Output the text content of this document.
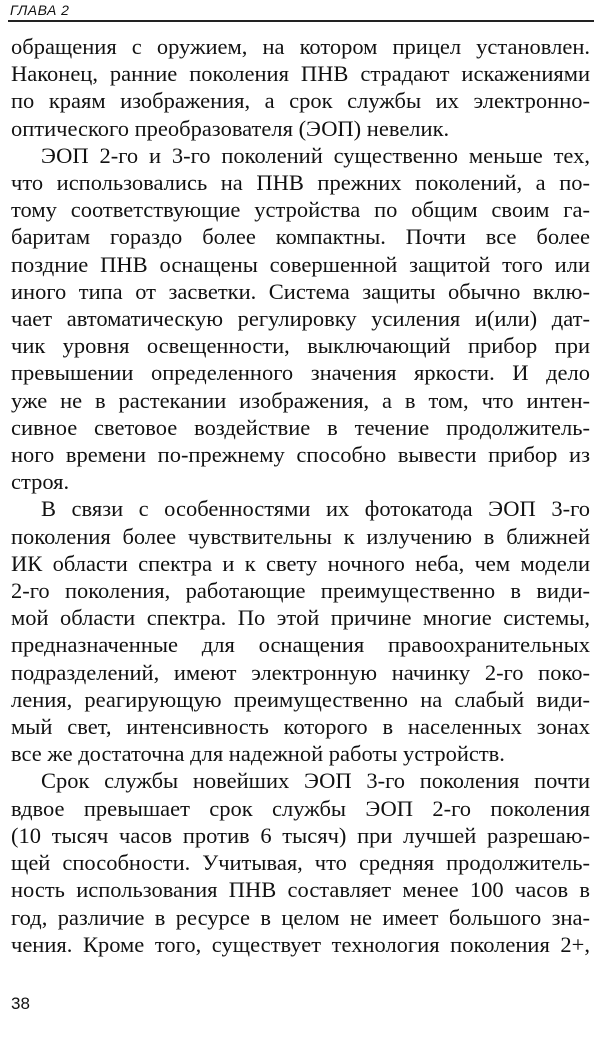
ГЛАВА 2
обращения с оружием, на котором прицел установлен.
Наконец, ранние поколения ПНВ страдают искажениями
по краям изображения, а срок службы их электронно-
оптического преобразователя (ЭОП) невелик.
ЭОП 2-го и 3-го поколений существенно меньше тех,
что использовались на ПНВ прежних поколений, а по-
тому соответствующие устройства по общим своим га-
баритам гораздо более компактны. Почти все более
поздние ПНВ оснащены совершенной защитой того или
иного типа от засветки. Система защиты обычно вклю-
чает автоматическую регулировку усиления и(или) дат-
чик уровня освещенности, выключающий прибор при
превышении определенного значения яркости. И дело
уже не в растекании изображения, а в том, что интен-
сивное световое воздействие в течение продолжитель-
ного времени по-прежнему способно вывести прибор из
строя.
В связи с особенностями их фотокатода ЭОП 3-го
поколения более чувствительны к излучению в ближней
ИК области спектра и к свету ночного неба, чем модели
2-го поколения, работающие преимущественно в види-
мой области спектра. По этой причине многие системы,
предназначенные для оснащения правоохранительных
подразделений, имеют электронную начинку 2-го поко-
ления, реагирующую преимущественно на слабый види-
мый свет, интенсивность которого в населенных зонах
все же достаточна для надежной работы устройств.
Срок службы новейших ЭОП 3-го поколения почти
вдвое превышает срок службы ЭОП 2-го поколения
(10 тысяч часов против 6 тысяч) при лучшей разрешаю-
щей способности. Учитывая, что средняя продолжитель-
ность использования ПНВ составляет менее 100 часов в
год, различие в ресурсе в целом не имеет большого зна-
чения. Кроме того, существует технология поколения 2+,
38
